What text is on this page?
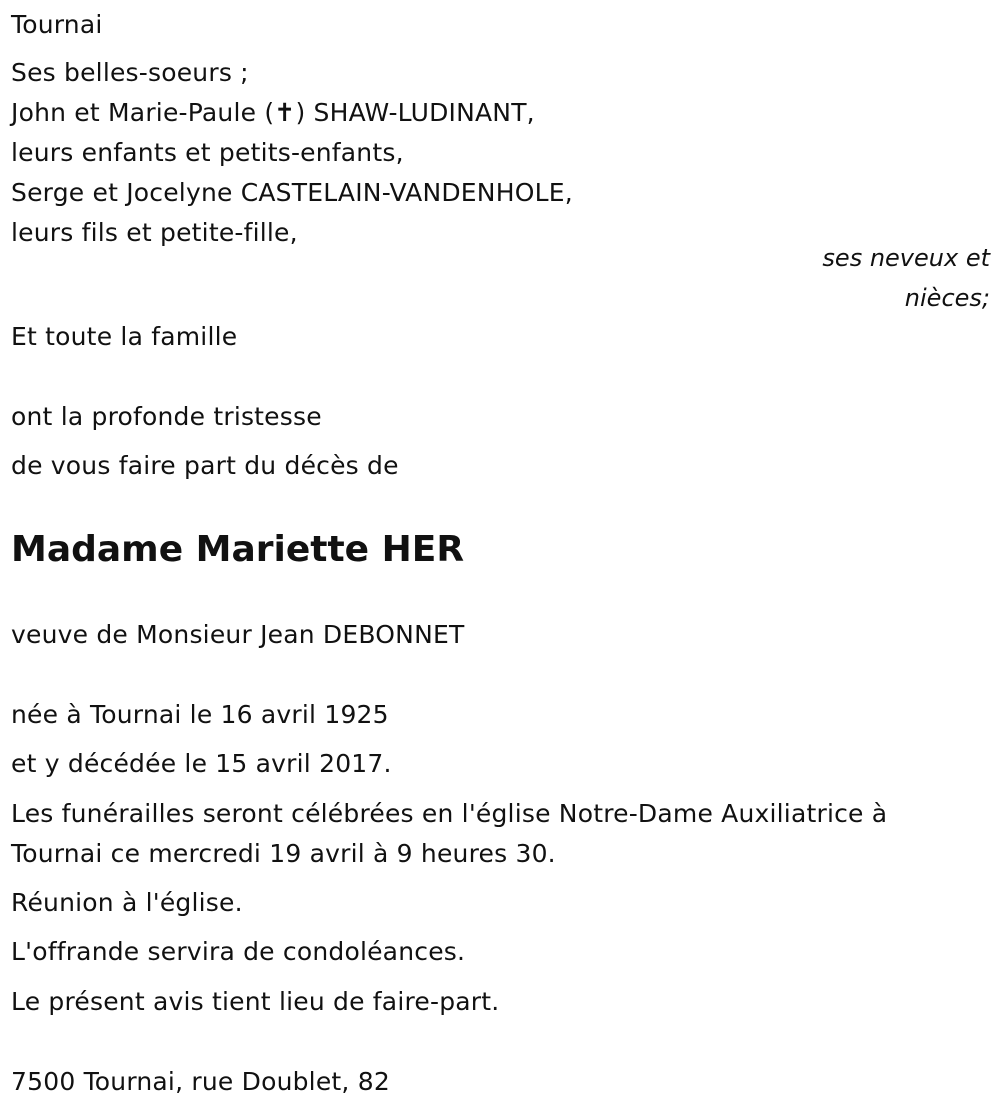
Tournai
Ses belles-soeurs ;
John et Marie-Paule (✝) SHAW-LUDINANT,
leurs enfants et petits-enfants,
Serge et Jocelyne CASTELAIN-VANDENHOLE,
leurs fils et petite-fille,
ses neveux et
nièces;
Et toute la famille
ont la profonde tristesse
de vous faire part du décès de
Madame Mariette HER
veuve de Monsieur Jean DEBONNET
née à Tournai le 16 avril 1925
et y décédée le 15 avril 2017.
Les funérailles seront célébrées en l'église Notre-Dame Auxiliatrice à
Tournai ce mercredi 19 avril à 9 heures 30.
Réunion à l'église.
L'offrande servira de condoléances.
Le présent avis tient lieu de faire-part.
7500 Tournai, rue Doublet, 82
